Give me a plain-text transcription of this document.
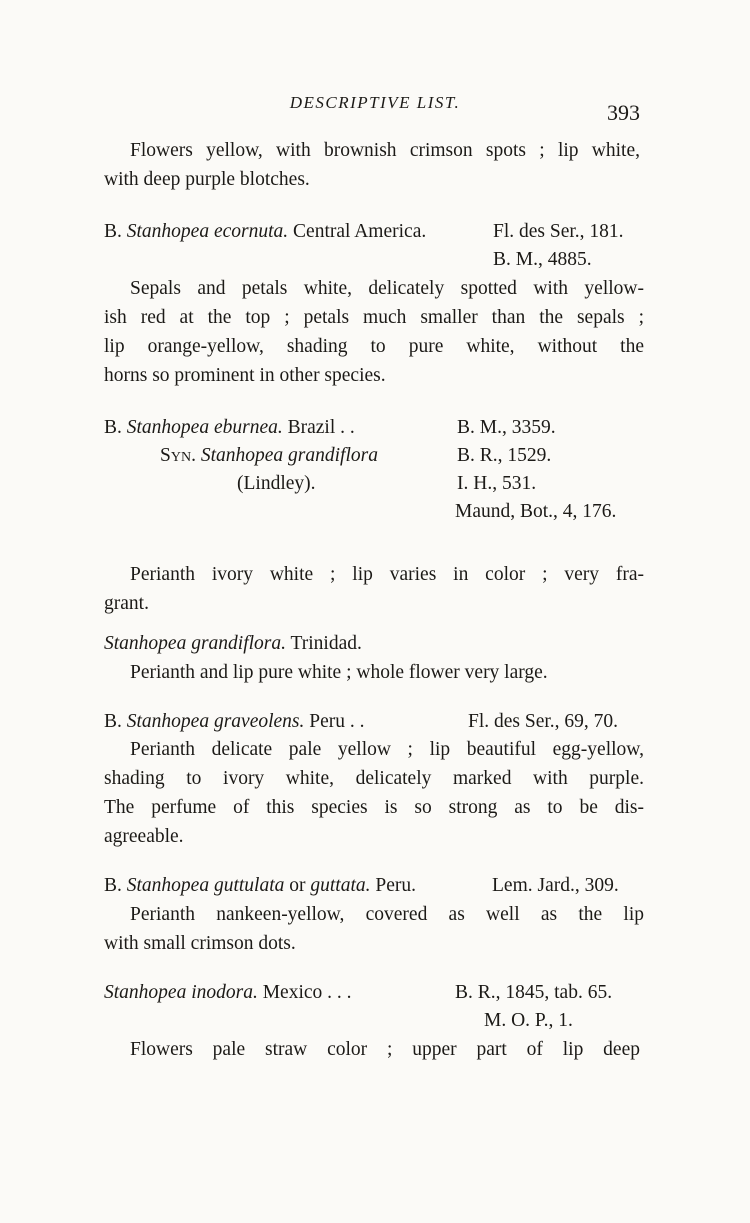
DESCRIPTIVE LIST.	393
Flowers yellow, with brownish crimson spots ; lip white,
with deep purple blotches.
B. Stanhopea ecornuta. Central America.	Fl. des Ser., 181.
B. M., 4885.
Sepals and petals white, delicately spotted with yellow-
ish red at the top ; petals much smaller than the sepals ;
lip orange-yellow, shading to pure white, without the
horns so prominent in other species.
B. Stanhopea eburnea. Brazil . .	B. M., 3359.
Syn. Stanhopea grandiflora	B. R., 1529.
(Lindley).	I. H., 531.
Maund, Bot., 4, 176.
Perianth ivory white ; lip varies in color ; very fra-
grant.
Stanhopea grandiflora. Trinidad.
Perianth and lip pure white ; whole flower very large.
B. Stanhopea graveolens. Peru . .	Fl. des Ser., 69, 70.
Perianth delicate pale yellow ; lip beautiful egg-yellow,
shading to ivory white, delicately marked with purple.
The perfume of this species is so strong as to be dis-
agreeable.
B. Stanhopea guttulata or guttata. Peru.	Lem. Jard., 309.
Perianth nankeen-yellow, covered as well as the lip
with small crimson dots.
Stanhopea inodora. Mexico . . .	B. R., 1845, tab. 65.
M. O. P., 1.
Flowers pale straw color ; upper part of lip deep
